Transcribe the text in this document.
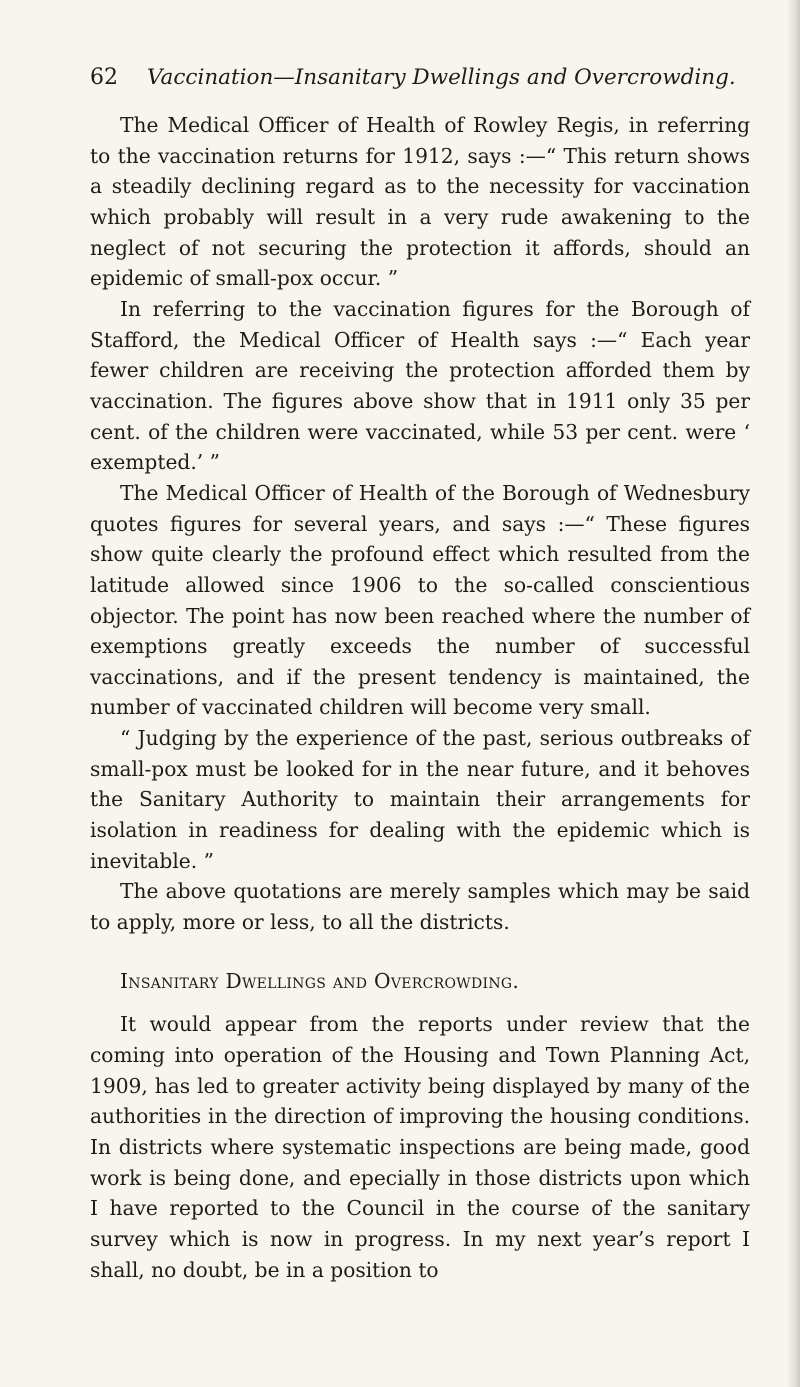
62 Vaccination—Insanitary Dwellings and Overcrowding.

The Medical Officer of Health of Rowley Regis, in referring to the vaccination returns for 1912, says :—“ This return shows a steadily declining regard as to the necessity for vaccination which probably will result in a very rude awakening to the neglect of not securing the protection it affords, should an epidemic of small-pox occur. ”

In referring to the vaccination figures for the Borough of Stafford, the Medical Officer of Health says :—“ Each year fewer children are receiving the protection afforded them by vaccination. The figures above show that in 1911 only 35 per cent. of the children were vaccinated, while 53 per cent. were ‘ exempted.’ ”

The Medical Officer of Health of the Borough of Wednesbury quotes figures for several years, and says :—“ These figures show quite clearly the profound effect which resulted from the latitude allowed since 1906 to the so-called conscientious objector. The point has now been reached where the number of exemptions greatly exceeds the number of successful vaccinations, and if the present tendency is maintained, the number of vaccinated children will become very small.

“ Judging by the experience of the past, serious outbreaks of small-pox must be looked for in the near future, and it behoves the Sanitary Authority to maintain their arrangements for isolation in readiness for dealing with the epidemic which is inevitable. ”

The above quotations are merely samples which may be said to apply, more or less, to all the districts.

Insanitary Dwellings and Overcrowding.

It would appear from the reports under review that the coming into operation of the Housing and Town Planning Act, 1909, has led to greater activity being displayed by many of the authorities in the direction of improving the housing conditions. In districts where systematic inspections are being made, good work is being done, and epecially in those districts upon which I have reported to the Council in the course of the sanitary survey which is now in progress. In my next year’s report I shall, no doubt, be in a position to
